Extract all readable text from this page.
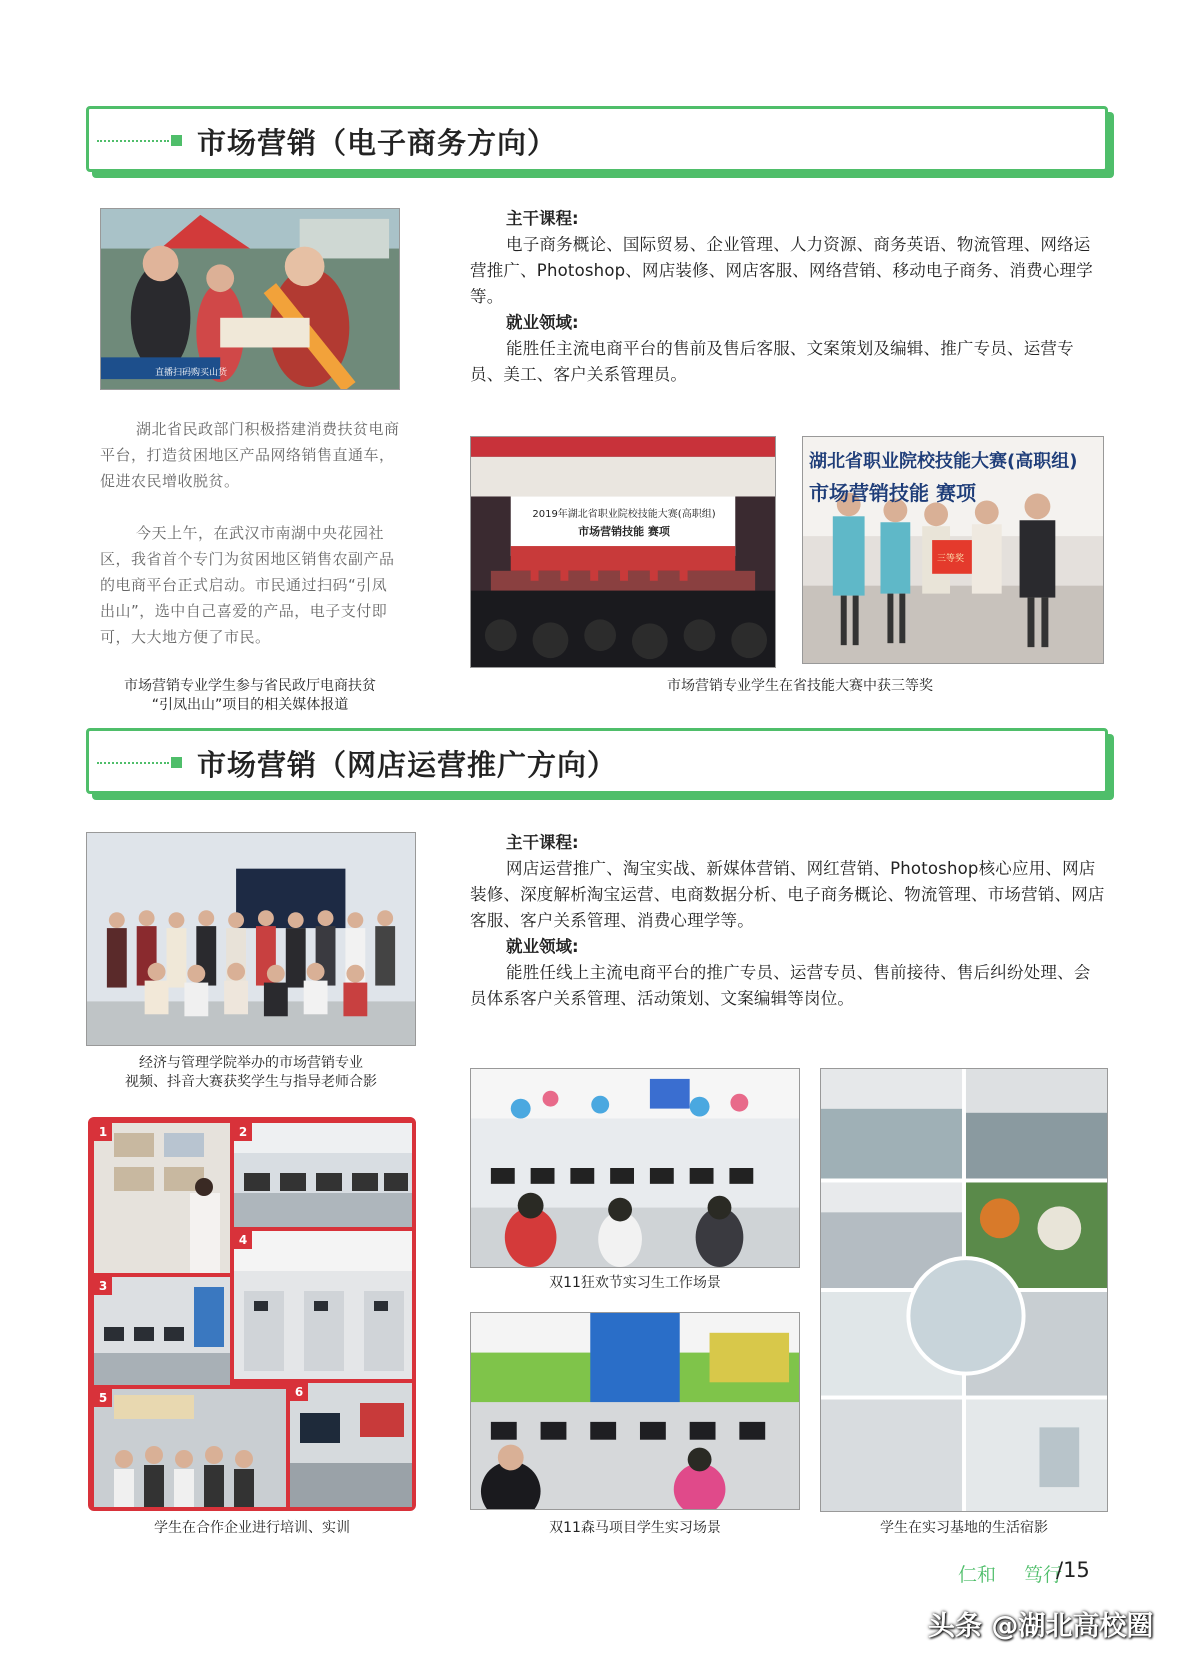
市场营销（电子商务方向）
直播扫码购买山货

湖北省民政部门积极搭建消费扶贫电商平台，打造贫困地区产品网络销售直通车，促进农民增收脱贫。

今天上午，在武汉市南湖中央花园社区，我省首个专门为贫困地区销售农副产品的电商平台正式启动。市民通过扫码“引凤出山”，选中自己喜爱的产品，电子支付即可，大大地方便了市民。

市场营销专业学生参与省民政厅电商扶贫
“引凤出山”项目的相关媒体报道
主干课程:
电子商务概论、国际贸易、企业管理、人力资源、商务英语、物流管理、网络运营推广、Photoshop、网店装修、网店客服、网络营销、移动电子商务、消费心理学等。
就业领域:
能胜任主流电商平台的售前及售后客服、文案策划及编辑、推广专员、运营专员、美工、客户关系管理员。
2019年湖北省职业院校技能大赛(高职组)
市场营销技能 赛项
湖北省职业院校技能大赛(高职组)
市场营销技能 赛项
三等奖
市场营销专业学生在省技能大赛中获三等奖
市场营销（网店运营推广方向）
经济与管理学院举办的市场营销专业
视频、抖音大赛获奖学生与指导老师合影
主干课程:
网店运营推广、淘宝实战、新媒体营销、网红营销、Photoshop核心应用、网店装修、深度解析淘宝运营、电商数据分析、电子商务概论、物流管理、市场营销、网店客服、客户关系管理、消费心理学等。
就业领域:
能胜任线上主流电商平台的推广专员、运营专员、售前接待、售后纠纷处理、会员体系客户关系管理、活动策划、文案编辑等岗位。
1	2
4
3
5	6
学生在合作企业进行培训、实训
双11狂欢节实习生工作场景
双11森马项目学生实习场景	学生在实习基地的生活宿影
仁和 笃行
/15
头条 @湖北高校圈
